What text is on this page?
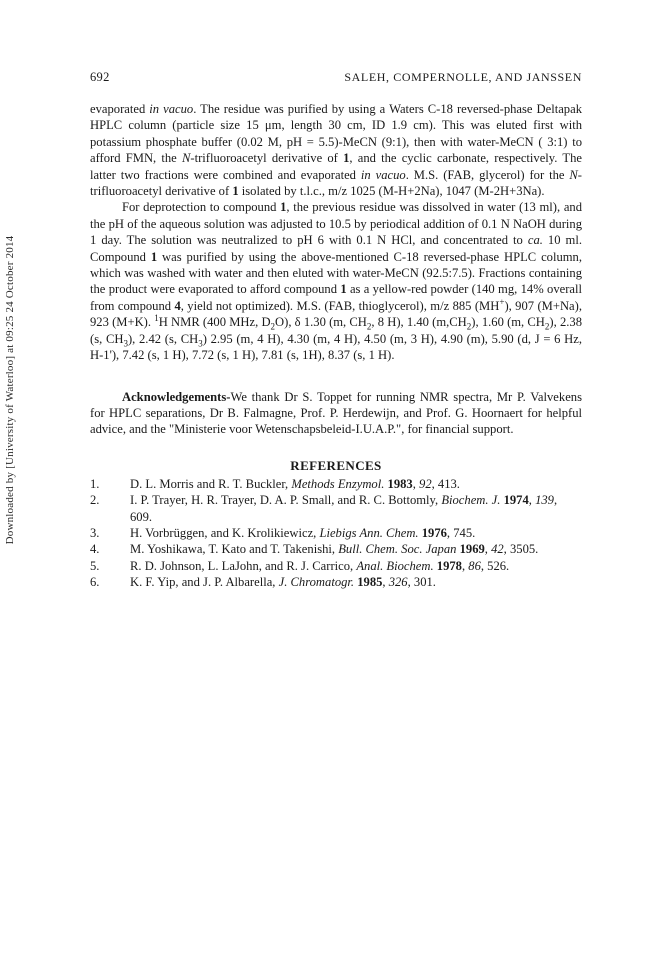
692	SALEH, COMPERNOLLE, AND JANSSEN
Downloaded by [University of Waterloo] at 09:25 24 October 2014

evaporated in vacuo. The residue was purified by using a Waters C-18 reversed-phase Deltapak HPLC column (particle size 15 μm, length 30 cm, ID 1.9 cm). This was eluted first with potassium phosphate buffer (0.02 M, pH = 5.5)-MeCN (9:1), then with water-MeCN ( 3:1) to afford FMN, the N-trifluoroacetyl derivative of 1, and the cyclic carbonate, respectively. The latter two fractions were combined and evaporated in vacuo. M.S. (FAB, glycerol) for the N-trifluoroacetyl derivative of 1 isolated by t.l.c., m/z 1025 (M-H+2Na), 1047 (M-2H+3Na).

For deprotection to compound 1, the previous residue was dissolved in water (13 ml), and the pH of the aqueous solution was adjusted to 10.5 by periodical addition of 0.1 N NaOH during 1 day. The solution was neutralized to pH 6 with 0.1 N HCl, and concentrated to ca. 10 ml. Compound 1 was purified by using the above-mentioned C-18 reversed-phase HPLC column, which was washed with water and then eluted with water-MeCN (92.5:7.5). Fractions containing the product were evaporated to afford compound 1 as a yellow-red powder (140 mg, 14% overall from compound 4, yield not optimized). M.S. (FAB, thioglycerol), m/z 885 (MH+), 907 (M+Na), 923 (M+K). $^1$H NMR (400 MHz, $D_2O$), δ 1.30 (m, $CH_2$, 8 H), 1.40 $(m,CH_2)$, 1.60 (m, $CH_2$), 2.38 (s, $CH_3$), 2.42 (s, $CH_3$) 2.95 (m, 4 H), 4.30 (m, 4 H), 4.50 (m, 3 H), 4.90 (m), 5.90 (d, J = 6 Hz, H-1'), 7.42 (s, 1 H), 7.72 (s, 1 H), 7.81 (s, 1H), 8.37 (s, 1 H).

Acknowledgements-We thank Dr S. Toppet for running NMR spectra, Mr P. Valvekens for HPLC separations, Dr B. Falmagne, Prof. P. Herdewijn, and Prof. G. Hoornaert for helpful advice, and the "Ministerie voor Wetenschapsbeleid-I.U.A.P.", for financial support.

REFERENCES
1. D. L. Morris and R. T. Buckler, Methods Enzymol. 1983, 92, 413.
2. I. P. Trayer, H. R. Trayer, D. A. P. Small, and R. C. Bottomly, Biochem. J. 1974, 139, 609.
3. H. Vorbrüggen, and K. Krolikiewicz, Liebigs Ann. Chem. 1976, 745.
4. M. Yoshikawa, T. Kato and T. Takenishi, Bull. Chem. Soc. Japan 1969, 42, 3505.
5. R. D. Johnson, L. LaJohn, and R. J. Carrico, Anal. Biochem. 1978, 86, 526.
6. K. F. Yip, and J. P. Albarella, J. Chromatogr. 1985, 326, 301.
